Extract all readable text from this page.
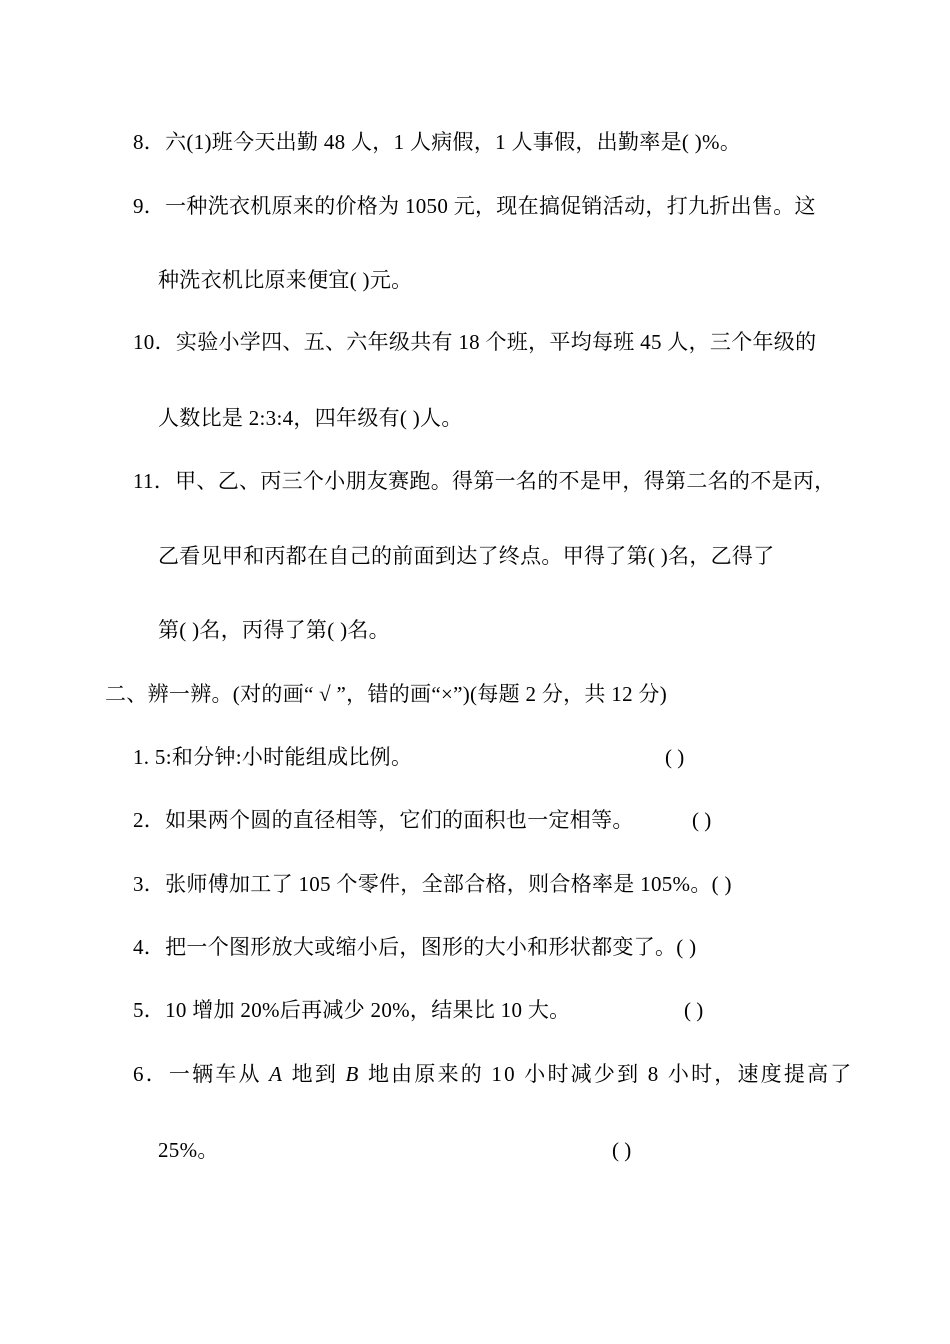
8．六(1)班今天出勤 48 人，1 人病假，1 人事假，出勤率是( )%。
9．一种洗衣机原来的价格为 1050 元，现在搞促销活动，打九折出售。这
种洗衣机比原来便宜( )元。
10．实验小学四、五、六年级共有 18 个班，平均每班 45 人，三个年级的
人数比是 2:3:4，四年级有( )人。
11．甲、乙、丙三个小朋友赛跑。得第一名的不是甲，得第二名的不是丙，
乙看见甲和丙都在自己的前面到达了终点。甲得了第( )名，乙得了
第( )名，丙得了第( )名。
二、辨一辨。(对的画“ √ ”，错的画“×”)(每题 2 分，共 12 分)
1. 5:和分钟:小时能组成比例。	( )
2．如果两个圆的直径相等，它们的面积也一定相等。	( )
3．张师傅加工了 105 个零件，全部合格，则合格率是 105%。( )
4．把一个图形放大或缩小后，图形的大小和形状都变了。( )
5．10 增加 20%后再减少 20%，结果比 10 大。	( )
6．一辆车从 A 地到 B 地由原来的 10 小时减少到 8 小时，速度提高了
25%。	( )
